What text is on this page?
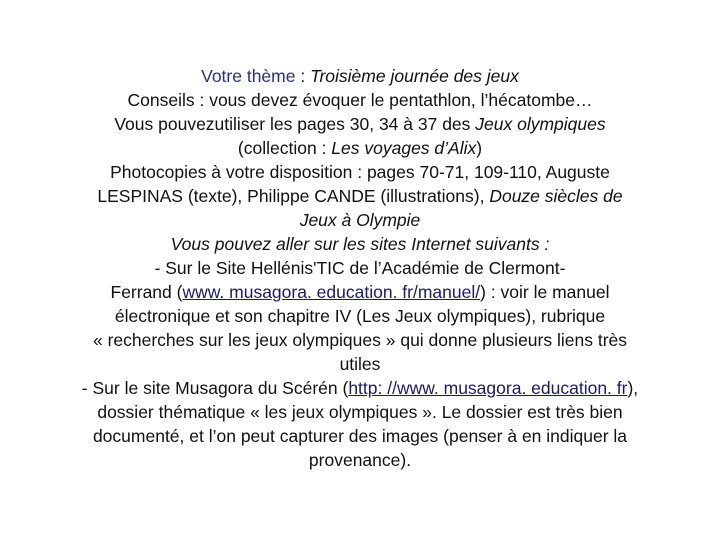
Votre thème : Troisième journée des jeux
Conseils : vous devez évoquer le pentathlon, l’hécatombe…
Vous pouvezutiliser les pages 30, 34 à 37 des Jeux olympiques
(collection : Les voyages d’Alix)
Photocopies à votre disposition : pages 70-71, 109-110, Auguste
LESPINAS (texte), Philippe CANDE (illustrations), Douze siècles de
Jeux à Olympie
Vous pouvez aller sur les sites Internet suivants :
- Sur le Site Hellénis'TIC de l’Académie de Clermont-
Ferrand (www. musagora. education. fr/manuel/) : voir le manuel
électronique et son chapitre IV (Les Jeux olympiques), rubrique
« recherches sur les jeux olympiques » qui donne plusieurs liens très
utiles
- Sur le site Musagora du Scérén (http: //www. musagora. education. fr),
dossier thématique « les jeux olympiques ». Le dossier est très bien
documenté, et l’on peut capturer des images (penser à en indiquer la
provenance).
